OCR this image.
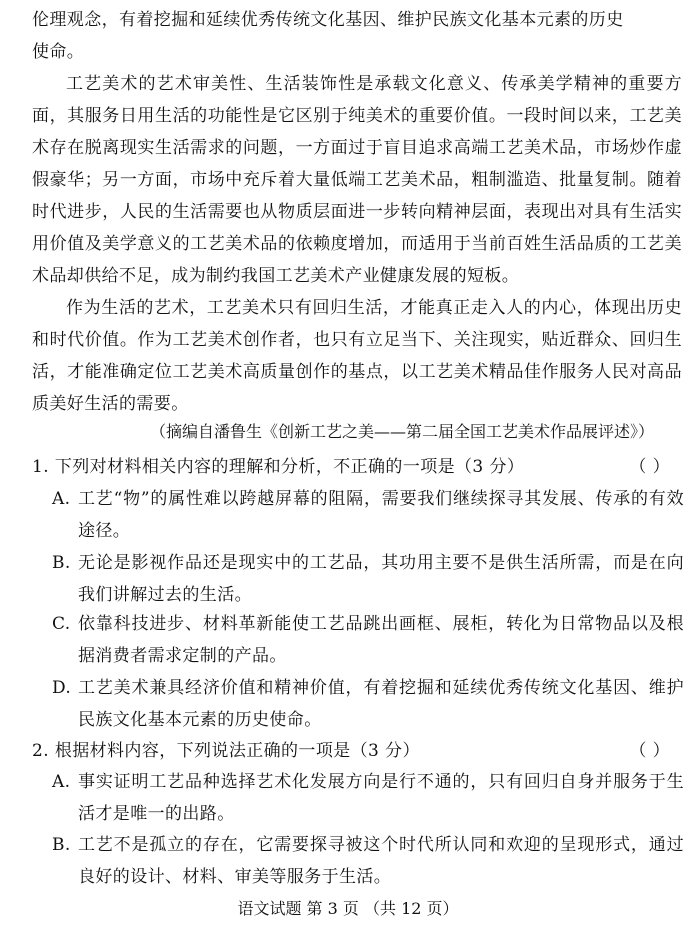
伦理观念，有着挖掘和延续优秀传统文化基因、维护民族文化基本元素的历史

使命。

工艺美术的艺术审美性、生活装饰性是承载文化意义、传承美学精神的重要方面，其服务日用生活的功能性是它区别于纯美术的重要价值。一段时间以来，工艺美术存在脱离现实生活需求的问题，一方面过于盲目追求高端工艺美术品，市场炒作虚假豪华；另一方面，市场中充斥着大量低端工艺美术品，粗制滥造、批量复制。随着时代进步，人民的生活需要也从物质层面进一步转向精神层面，表现出对具有生活实用价值及美学意义的工艺美术品的依赖度增加，而适用于当前百姓生活品质的工艺美术品却供给不足，成为制约我国工艺美术产业健康发展的短板。

作为生活的艺术，工艺美术只有回归生活，才能真正走入人的内心，体现出历史和时代价值。作为工艺美术创作者，也只有立足当下、关注现实，贴近群众、回归生活，才能准确定位工艺美术高质量创作的基点，以工艺美术精品佳作服务人民对高品质美好生活的需要。

（摘编自潘鲁生《创新工艺之美——第二届全国工艺美术作品展评述》）

1. 下列对材料相关内容的理解和分析，不正确的一项是（3 分）	（ ）
A. 工艺“物”的属性难以跨越屏幕的阻隔，需要我们继续探寻其发展、传承的有效途径。
B. 无论是影视作品还是现实中的工艺品，其功用主要不是供生活所需，而是在向我们讲解过去的生活。
C. 依靠科技进步、材料革新能使工艺品跳出画框、展柜，转化为日常物品以及根据消费者需求定制的产品。
D. 工艺美术兼具经济价值和精神价值，有着挖掘和延续优秀传统文化基因、维护民族文化基本元素的历史使命。
2. 根据材料内容，下列说法正确的一项是（3 分）	（ ）
A. 事实证明工艺品种选择艺术化发展方向是行不通的，只有回归自身并服务于生活才是唯一的出路。
B. 工艺不是孤立的存在，它需要探寻被这个时代所认同和欢迎的呈现形式，通过良好的设计、材料、审美等服务于生活。
语文试题 第 3 页 （共 12 页）
